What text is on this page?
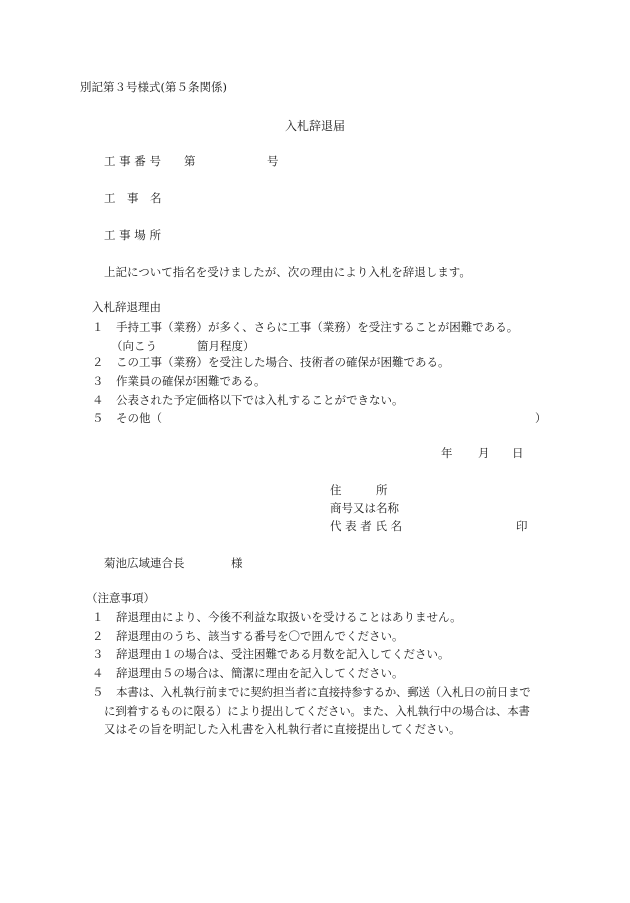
別記第３号様式(第５条関係)
入札辞退届
工 事 番 号 第	号
工　事　名
工 事 場 所
上記について指名を受けましたが、次の理由により入札を辞退します。
入札辞退理由
１ 手持工事（業務）が多く、さらに工事（業務）を受注することが困難である。
（向こう	箇月程度）
２ この工事（業務）を受注した場合、技術者の確保が困難である。
３ 作業員の確保が困難である。
４ 公表された予定価格以下では入札することができない。
５ その他（	）
年 月 日
住　　　所
商号又は名称
代 表 者 氏 名	印
菊池広域連合長	様
（注意事項）
１ 辞退理由により、今後不利益な取扱いを受けることはありません。
２ 辞退理由のうち、該当する番号を〇で囲んでください。
３ 辞退理由１の場合は、受注困難である月数を記入してください。
４ 辞退理由５の場合は、簡潔に理由を記入してください。
５ 本書は、入札執行前までに契約担当者に直接持参するか、郵送（入札日の前日まで
に到着するものに限る）により提出してください。また、入札執行中の場合は、本書
又はその旨を明記した入札書を入札執行者に直接提出してください。
